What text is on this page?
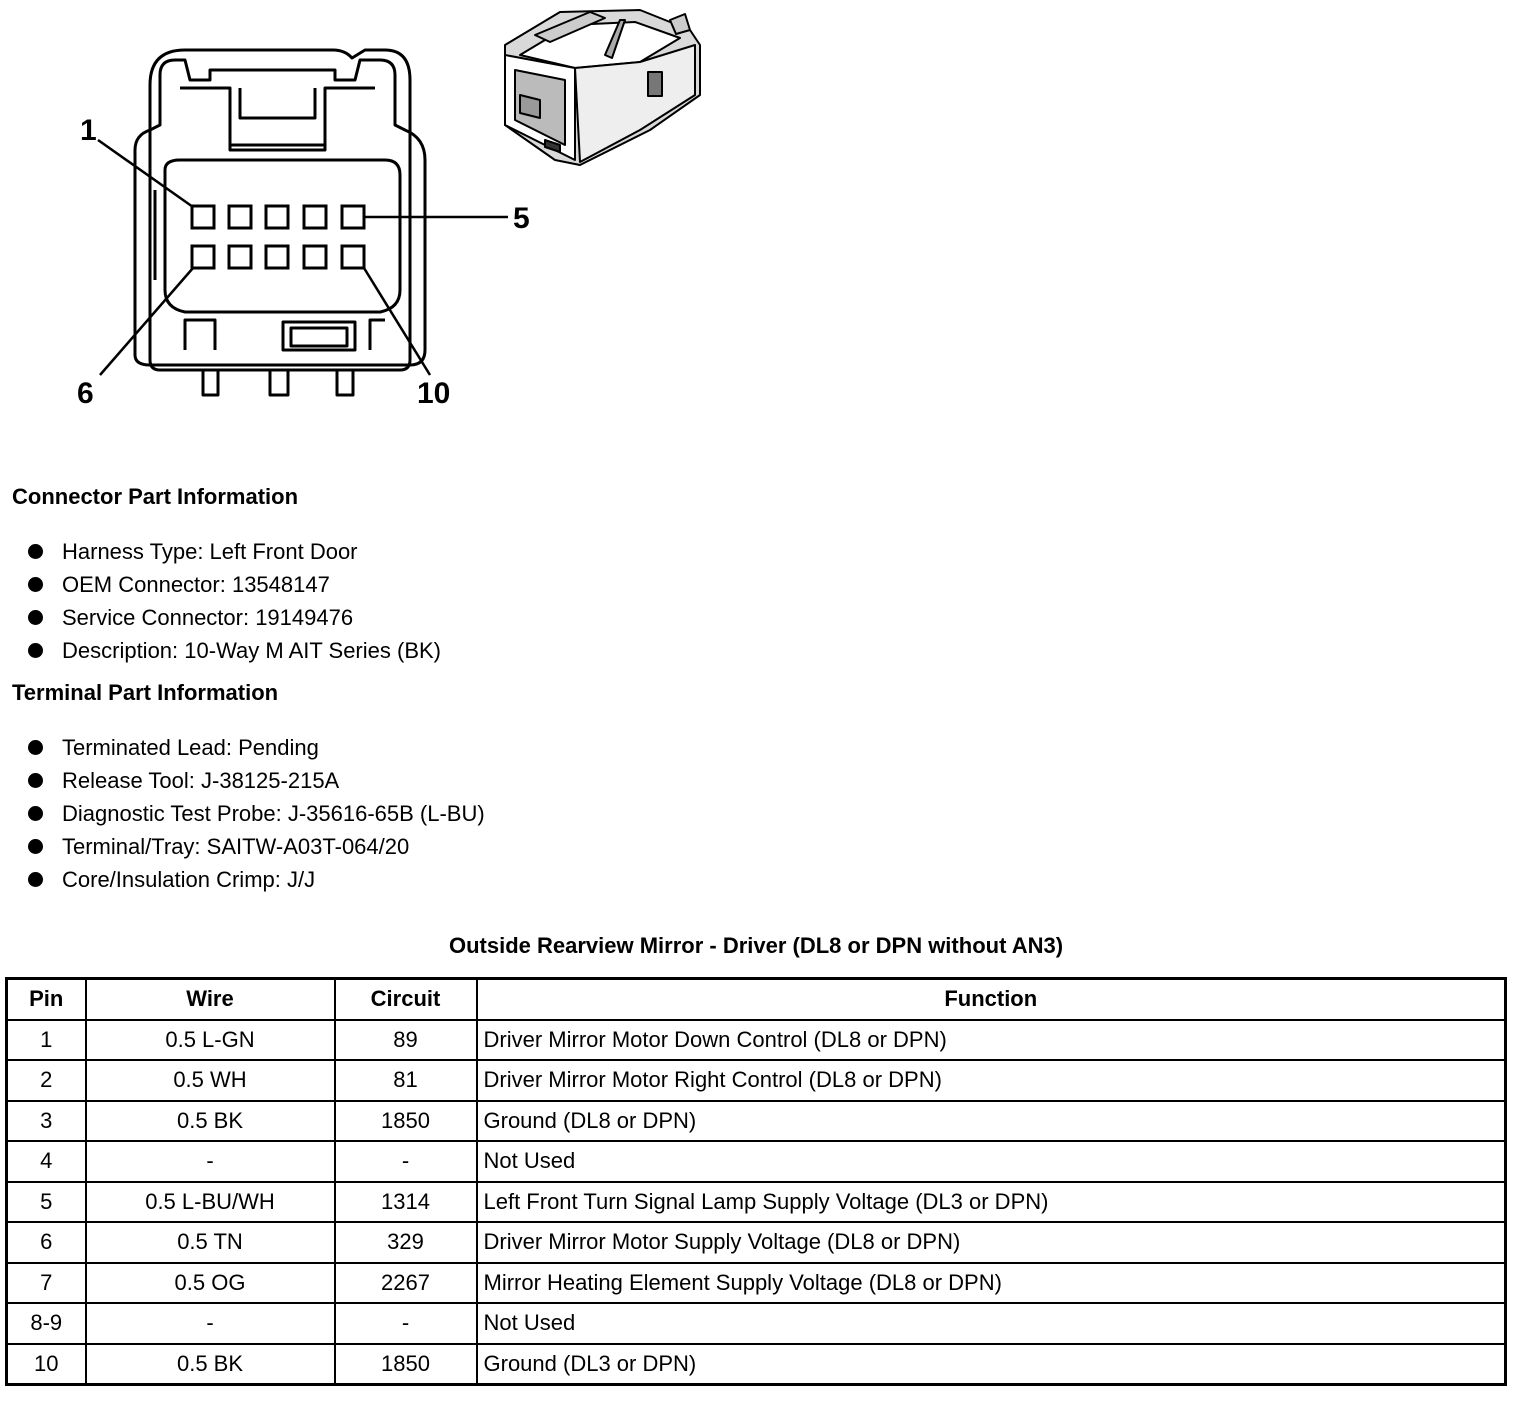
1
5
6	10
Connector Part Information
Harness Type: Left Front Door
OEM Connector: 13548147
Service Connector: 19149476
Description: 10-Way M AIT Series (BK)
Terminal Part Information
Terminated Lead: Pending
Release Tool: J-38125-215A
Diagnostic Test Probe: J-35616-65B (L-BU)
Terminal/Tray: SAITW-A03T-064/20
Core/Insulation Crimp: J/J
Outside Rearview Mirror - Driver (DL8 or DPN without AN3)
Pin	Wire	Circuit	Function
1	0.5 L-GN	89	Driver Mirror Motor Down Control (DL8 or DPN)
2	0.5 WH	81	Driver Mirror Motor Right Control (DL8 or DPN)
3	0.5 BK	1850	Ground (DL8 or DPN)
4	-	-	Not Used
5	0.5 L-BU/WH	1314	Left Front Turn Signal Lamp Supply Voltage (DL3 or DPN)
6	0.5 TN	329	Driver Mirror Motor Supply Voltage (DL8 or DPN)
7	0.5 OG	2267	Mirror Heating Element Supply Voltage (DL8 or DPN)
8-9	-	-	Not Used
10	0.5 BK	1850	Ground (DL3 or DPN)
